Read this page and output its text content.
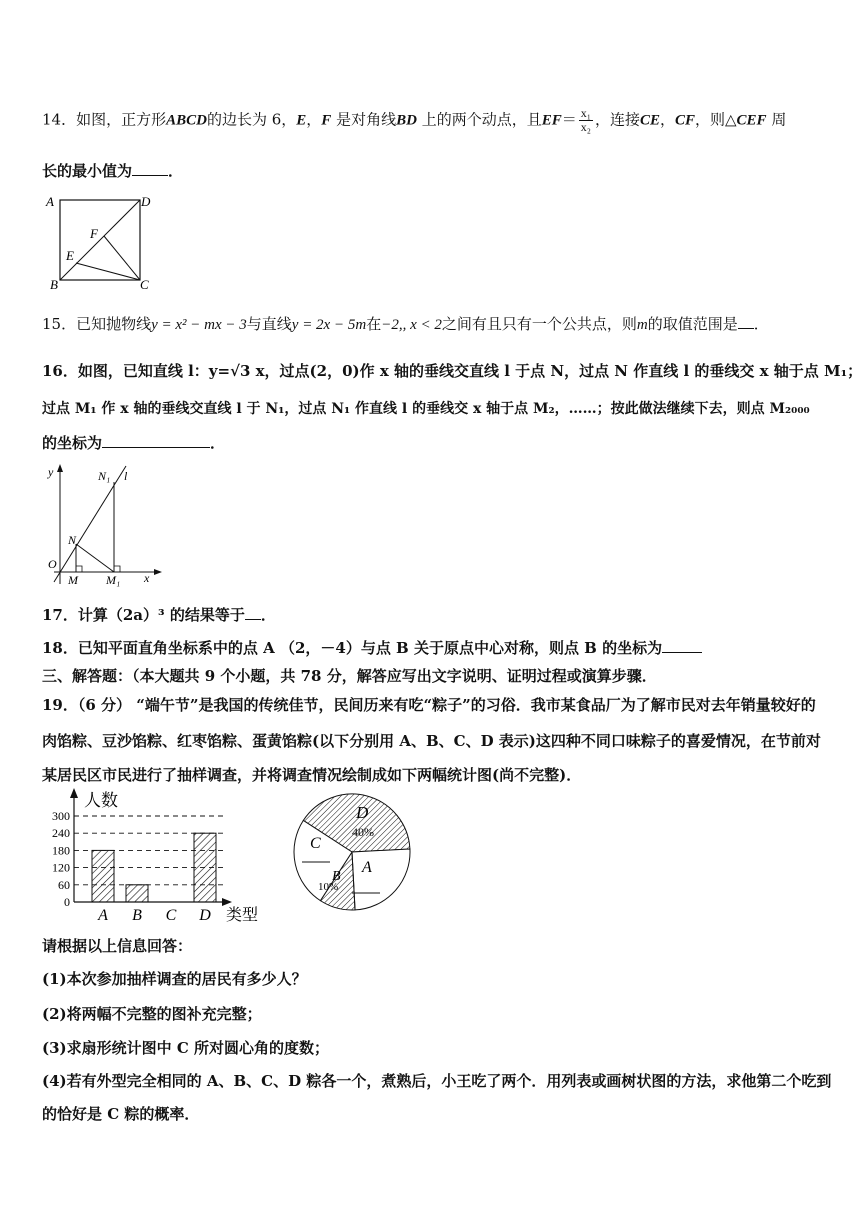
14．如图，正方形ABCD的边长为 6，E，F 是对角线BD 上的两个动点，且$EF= \frac{\text{x₁}}{\text{x₂}}$ ，连接CE，CF，则△CEF 周
长的最小值为 ．
A	D
B	C
E
F
15．已知抛物线y = x² − mx − 3与直线y = 2x − 5m在−2,, x < 2之间有且只有一个公共点，则m的取值范围是 ．
16．如图，已知直线 l：y=√3 x，过点(2，0)作 x 轴的垂线交直线 l 于点 N，过点 N 作直线 l 的垂线交 x 轴于点 M₁；
过点 M₁ 作 x 轴的垂线交直线 l 于 N₁，过点 N₁ 作直线 l 的垂线交 x 轴于点 M₂，……；按此做法继续下去，则点 M₂₀₀₀
的坐标为	．
y
x
O
M M₁
N
N₁ l
17．计算（2a）³ 的结果等于 ．
18．已知平面直角坐标系中的点 A （2，－4）与点 B 关于原点中心对称，则点 B 的坐标为
三、解答题：（本大题共 9 个小题，共 78 分，解答应写出文字说明、证明过程或演算步骤．
19．（6 分） “端午节”是我国的传统佳节，民间历来有吃“粽子”的习俗．我市某食品厂为了解市民对去年销量较好的
肉馅粽、豆沙馅粽、红枣馅粽、蛋黄馅粽(以下分别用 A、B、C、D 表示)这四种不同口味粽子的喜爱情况，在节前对
某居民区市民进行了抽样调查，并将调查情况绘制成如下两幅统计图(尚不完整)．
0
60
120
180
240
300
A B C D
人数
类型
D
40%
C
A
B
10%
请根据以上信息回答：
(1)本次参加抽样调查的居民有多少人？
(2)将两幅不完整的图补充完整；
(3)求扇形统计图中 C 所对圆心角的度数；
(4)若有外型完全相同的 A、B、C、D 粽各一个，煮熟后，小王吃了两个．用列表或画树状图的方法，求他第二个吃到
的恰好是 C 粽的概率．
